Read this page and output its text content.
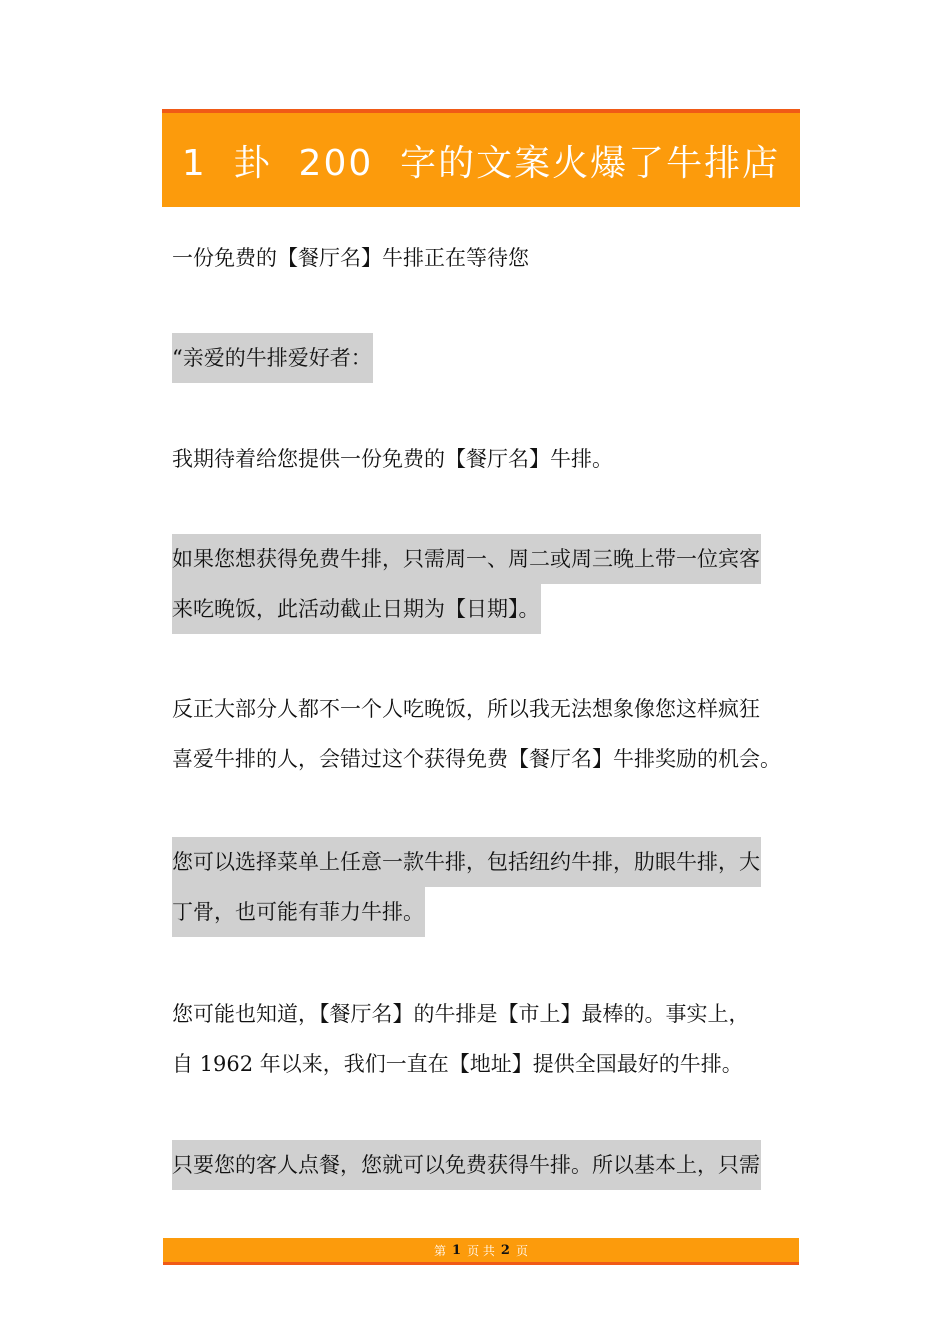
1  卦  200  字的文案火爆了牛排店
一份免费的【餐厅名】牛排正在等待您
“亲爱的牛排爱好者：
我期待着给您提供一份免费的【餐厅名】牛排。
如果您想获得免费牛排，只需周一、周二或周三晚上带一位宾客
来吃晚饭，此活动截止日期为【日期】。
反正大部分人都不一个人吃晚饭，所以我无法想象像您这样疯狂
喜爱牛排的人，会错过这个获得免费【餐厅名】牛排奖励的机会。
您可以选择菜单上任意一款牛排，包括纽约牛排，肋眼牛排，大
丁骨，也可能有菲力牛排。
您可能也知道，【餐厅名】的牛排是【市上】最棒的。事实上，
自 1962 年以来，我们一直在【地址】提供全国最好的牛排。
只要您的客人点餐，您就可以免费获得牛排。所以基本上，只需
第 1 页 共 2 页
